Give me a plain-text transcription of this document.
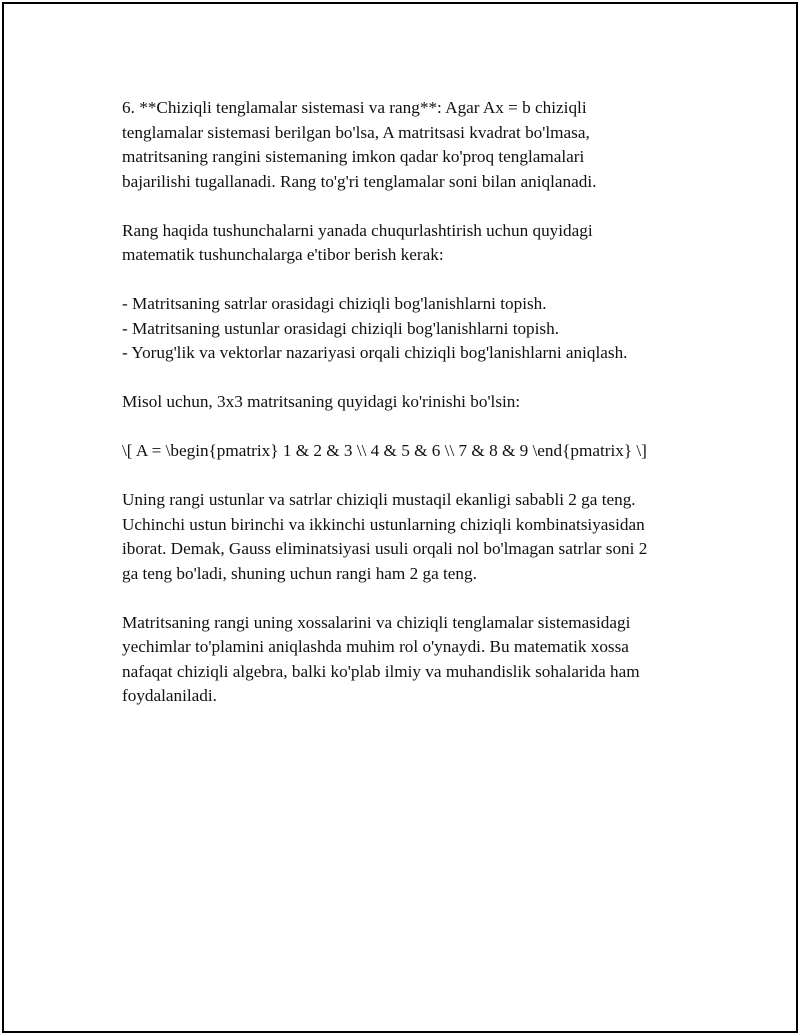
6. **Chiziqli tenglamalar sistemasi va rang**: Agar Ax = b chiziqli
tenglamalar sistemasi berilgan bo'lsa, A matritsasi kvadrat bo'lmasa,
matritsaning rangini sistemaning imkon qadar ko'proq tenglamalari
bajarilishi tugallanadi. Rang to'g'ri tenglamalar soni bilan aniqlanadi.
Rang haqida tushunchalarni yanada chuqurlashtirish uchun quyidagi
matematik tushunchalarga e'tibor berish kerak:
- Matritsaning satrlar orasidagi chiziqli bog'lanishlarni topish.
- Matritsaning ustunlar orasidagi chiziqli bog'lanishlarni topish.
- Yorug'lik va vektorlar nazariyasi orqali chiziqli bog'lanishlarni aniqlash.
Misol uchun, 3x3 matritsaning quyidagi ko'rinishi bo'lsin:
\[ A = \begin{pmatrix} 1 & 2 & 3 \\ 4 & 5 & 6 \\ 7 & 8 & 9 \end{pmatrix} \]
Uning rangi ustunlar va satrlar chiziqli mustaqil ekanligi sababli 2 ga teng.
Uchinchi ustun birinchi va ikkinchi ustunlarning chiziqli kombinatsiyasidan
iborat. Demak, Gauss eliminatsiyasi usuli orqali nol bo'lmagan satrlar soni 2
ga teng bo'ladi, shuning uchun rangi ham 2 ga teng.
Matritsaning rangi uning xossalarini va chiziqli tenglamalar sistemasidagi
yechimlar to'plamini aniqlashda muhim rol o'ynaydi. Bu matematik xossa
nafaqat chiziqli algebra, balki ko'plab ilmiy va muhandislik sohalarida ham
foydalaniladi.
